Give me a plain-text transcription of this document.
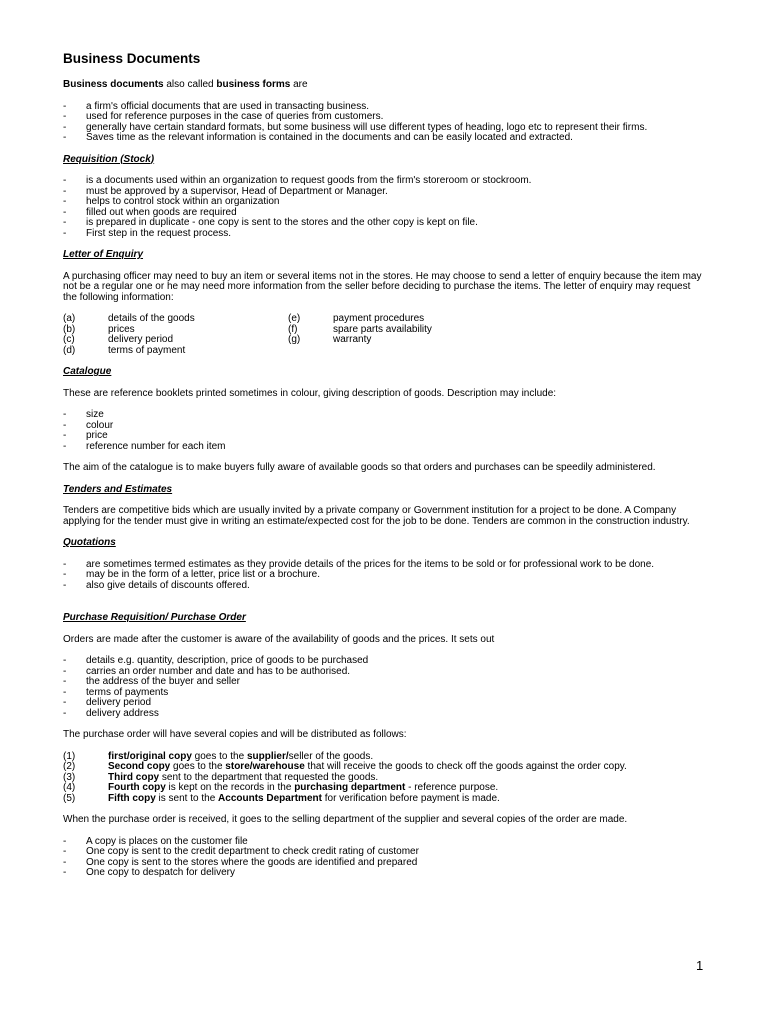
Business Documents

Business documents also called business forms are

- a firm's official documents that are used in transacting business.
- used for reference purposes in the case of queries from customers.
- generally have certain standard formats, but some business will use different types of heading, logo etc to represent their firms.
- Saves time as the relevant information is contained in the documents and can be easily located and extracted.
Requisition (Stock)
- is a documents used within an organization to request goods from the firm's storeroom or stockroom.
- must be approved by a supervisor, Head of Department or Manager.
- helps to control stock within an organization
- filled out when goods are required
- is prepared in duplicate - one copy is sent to the stores and the other copy is kept on file.
- First step in the request process.
Letter of Enquiry

A purchasing officer may need to buy an item or several items not in the stores. He may choose to send a letter of enquiry because the item may not be a regular one or he may need more information from the seller before deciding to purchase the items. The letter of enquiry may request the following information:

(a)	details of the goods	(e)	payment procedures
(b)	prices	(f)	spare parts availability
(c)	delivery period	(g)	warranty
(d)	terms of payment
Catalogue

These are reference booklets printed sometimes in colour, giving description of goods. Description may include:

- size
- colour
- price
- reference number for each item

The aim of the catalogue is to make buyers fully aware of available goods so that orders and purchases can be speedily administered.

Tenders and Estimates

Tenders are competitive bids which are usually invited by a private company or Government institution for a project to be done. A Company applying for the tender must give in writing an estimate/expected cost for the job to be done. Tenders are common in the construction industry.

Quotations
- are sometimes termed estimates as they provide details of the prices for the items to be sold or for professional work to be done.
- may be in the form of a letter, price list or a brochure.
- also give details of discounts offered.
Purchase Requisition/ Purchase Order

Orders are made after the customer is aware of the availability of goods and the prices. It sets out

- details e.g. quantity, description, price of goods to be purchased
- carries an order number and date and has to be authorised.
- the address of the buyer and seller
- terms of payments
- delivery period
- delivery address

The purchase order will have several copies and will be distributed as follows:

(1)	first/original copy goes to the supplier/seller of the goods.
(2)	Second copy goes to the store/warehouse that will receive the goods to check off the goods against the order copy.
(3)	Third copy sent to the department that requested the goods.
(4)	Fourth copy is kept on the records in the purchasing department - reference purpose.
(5)	Fifth copy is sent to the Accounts Department for verification before payment is made.

When the purchase order is received, it goes to the selling department of the supplier and several copies of the order are made.

- A copy is places on the customer file
- One copy is sent to the credit department to check credit rating of customer
- One copy is sent to the stores where the goods are identified and prepared
- One copy to despatch for delivery
1
